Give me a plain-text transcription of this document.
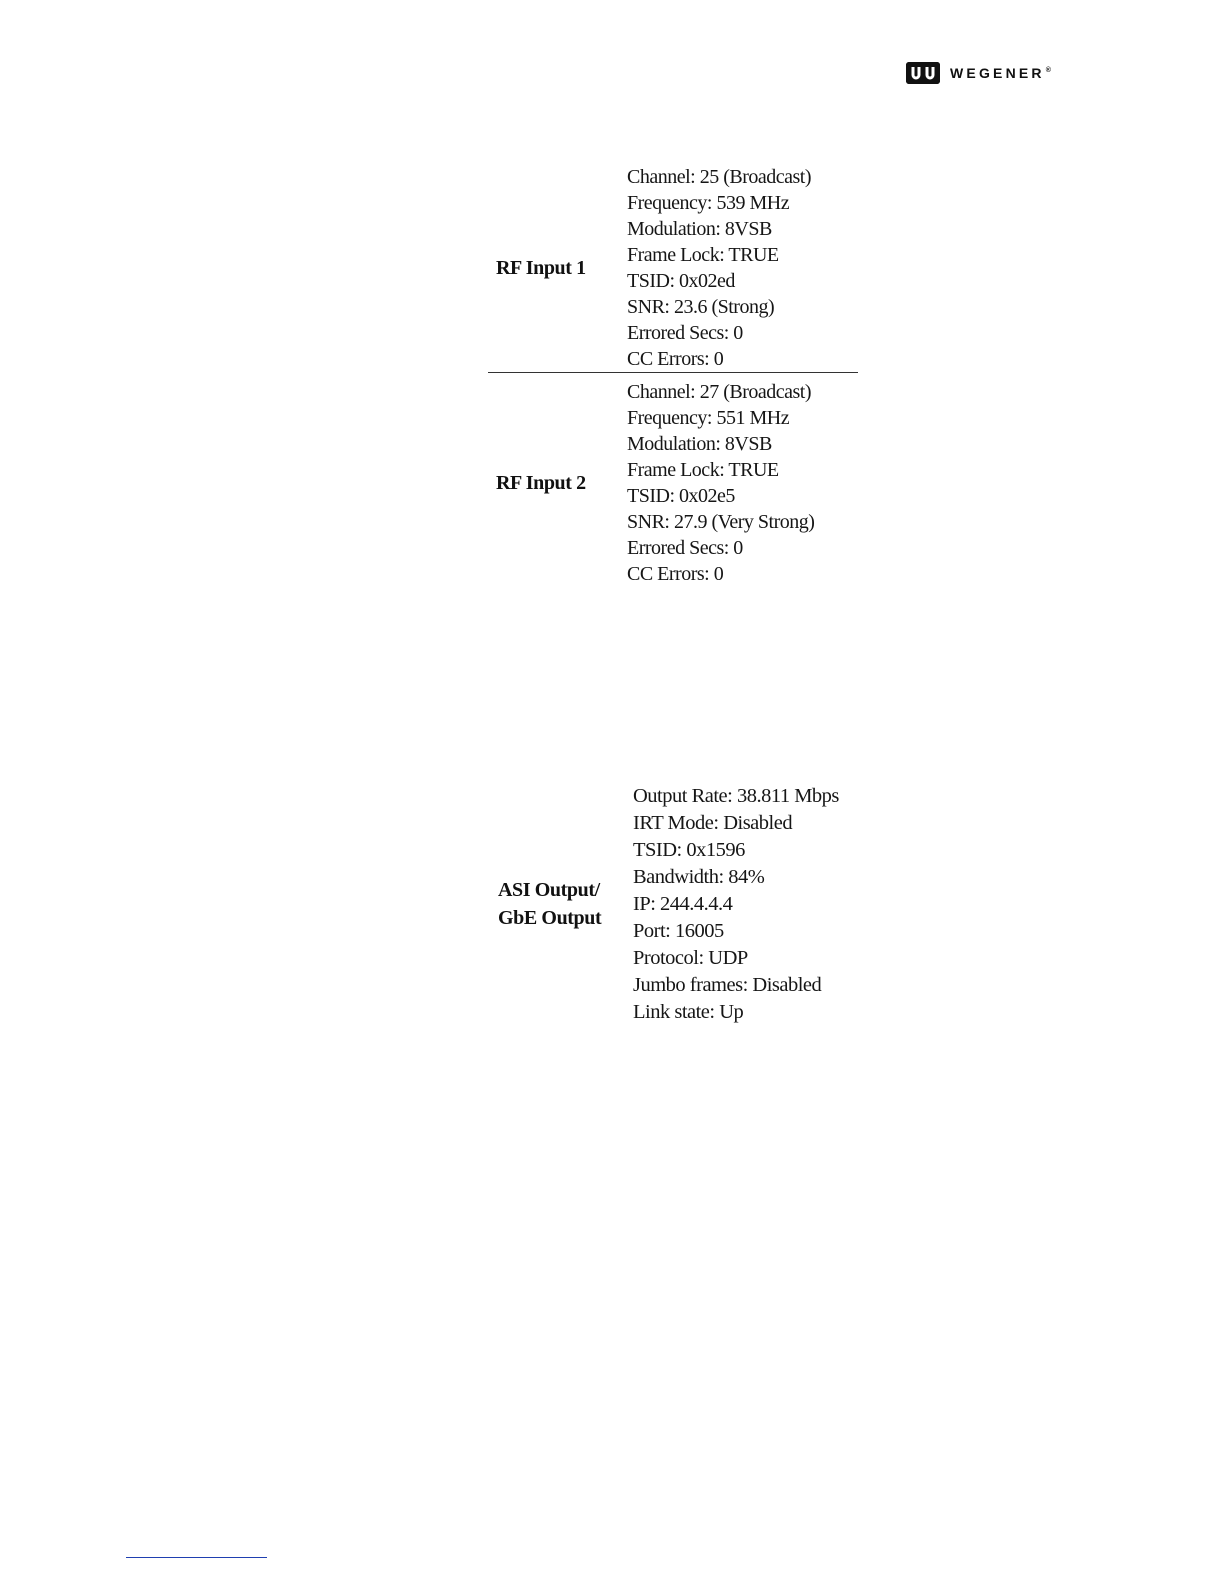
WEGENER®
RF Input 1
Channel: 25 (Broadcast)
Frequency: 539 MHz
Modulation: 8VSB
Frame Lock: TRUE
TSID: 0x02ed
SNR: 23.6 (Strong)
Errored Secs: 0
CC Errors: 0
RF Input 2
Channel: 27 (Broadcast)
Frequency: 551 MHz
Modulation: 8VSB
Frame Lock: TRUE
TSID: 0x02e5
SNR: 27.9 (Very Strong)
Errored Secs: 0
CC Errors: 0
ASI Output/
GbE Output
Output Rate: 38.811 Mbps
IRT Mode: Disabled
TSID: 0x1596
Bandwidth: 84%
IP: 244.4.4.4
Port: 16005
Protocol: UDP
Jumbo frames: Disabled
Link state: Up
